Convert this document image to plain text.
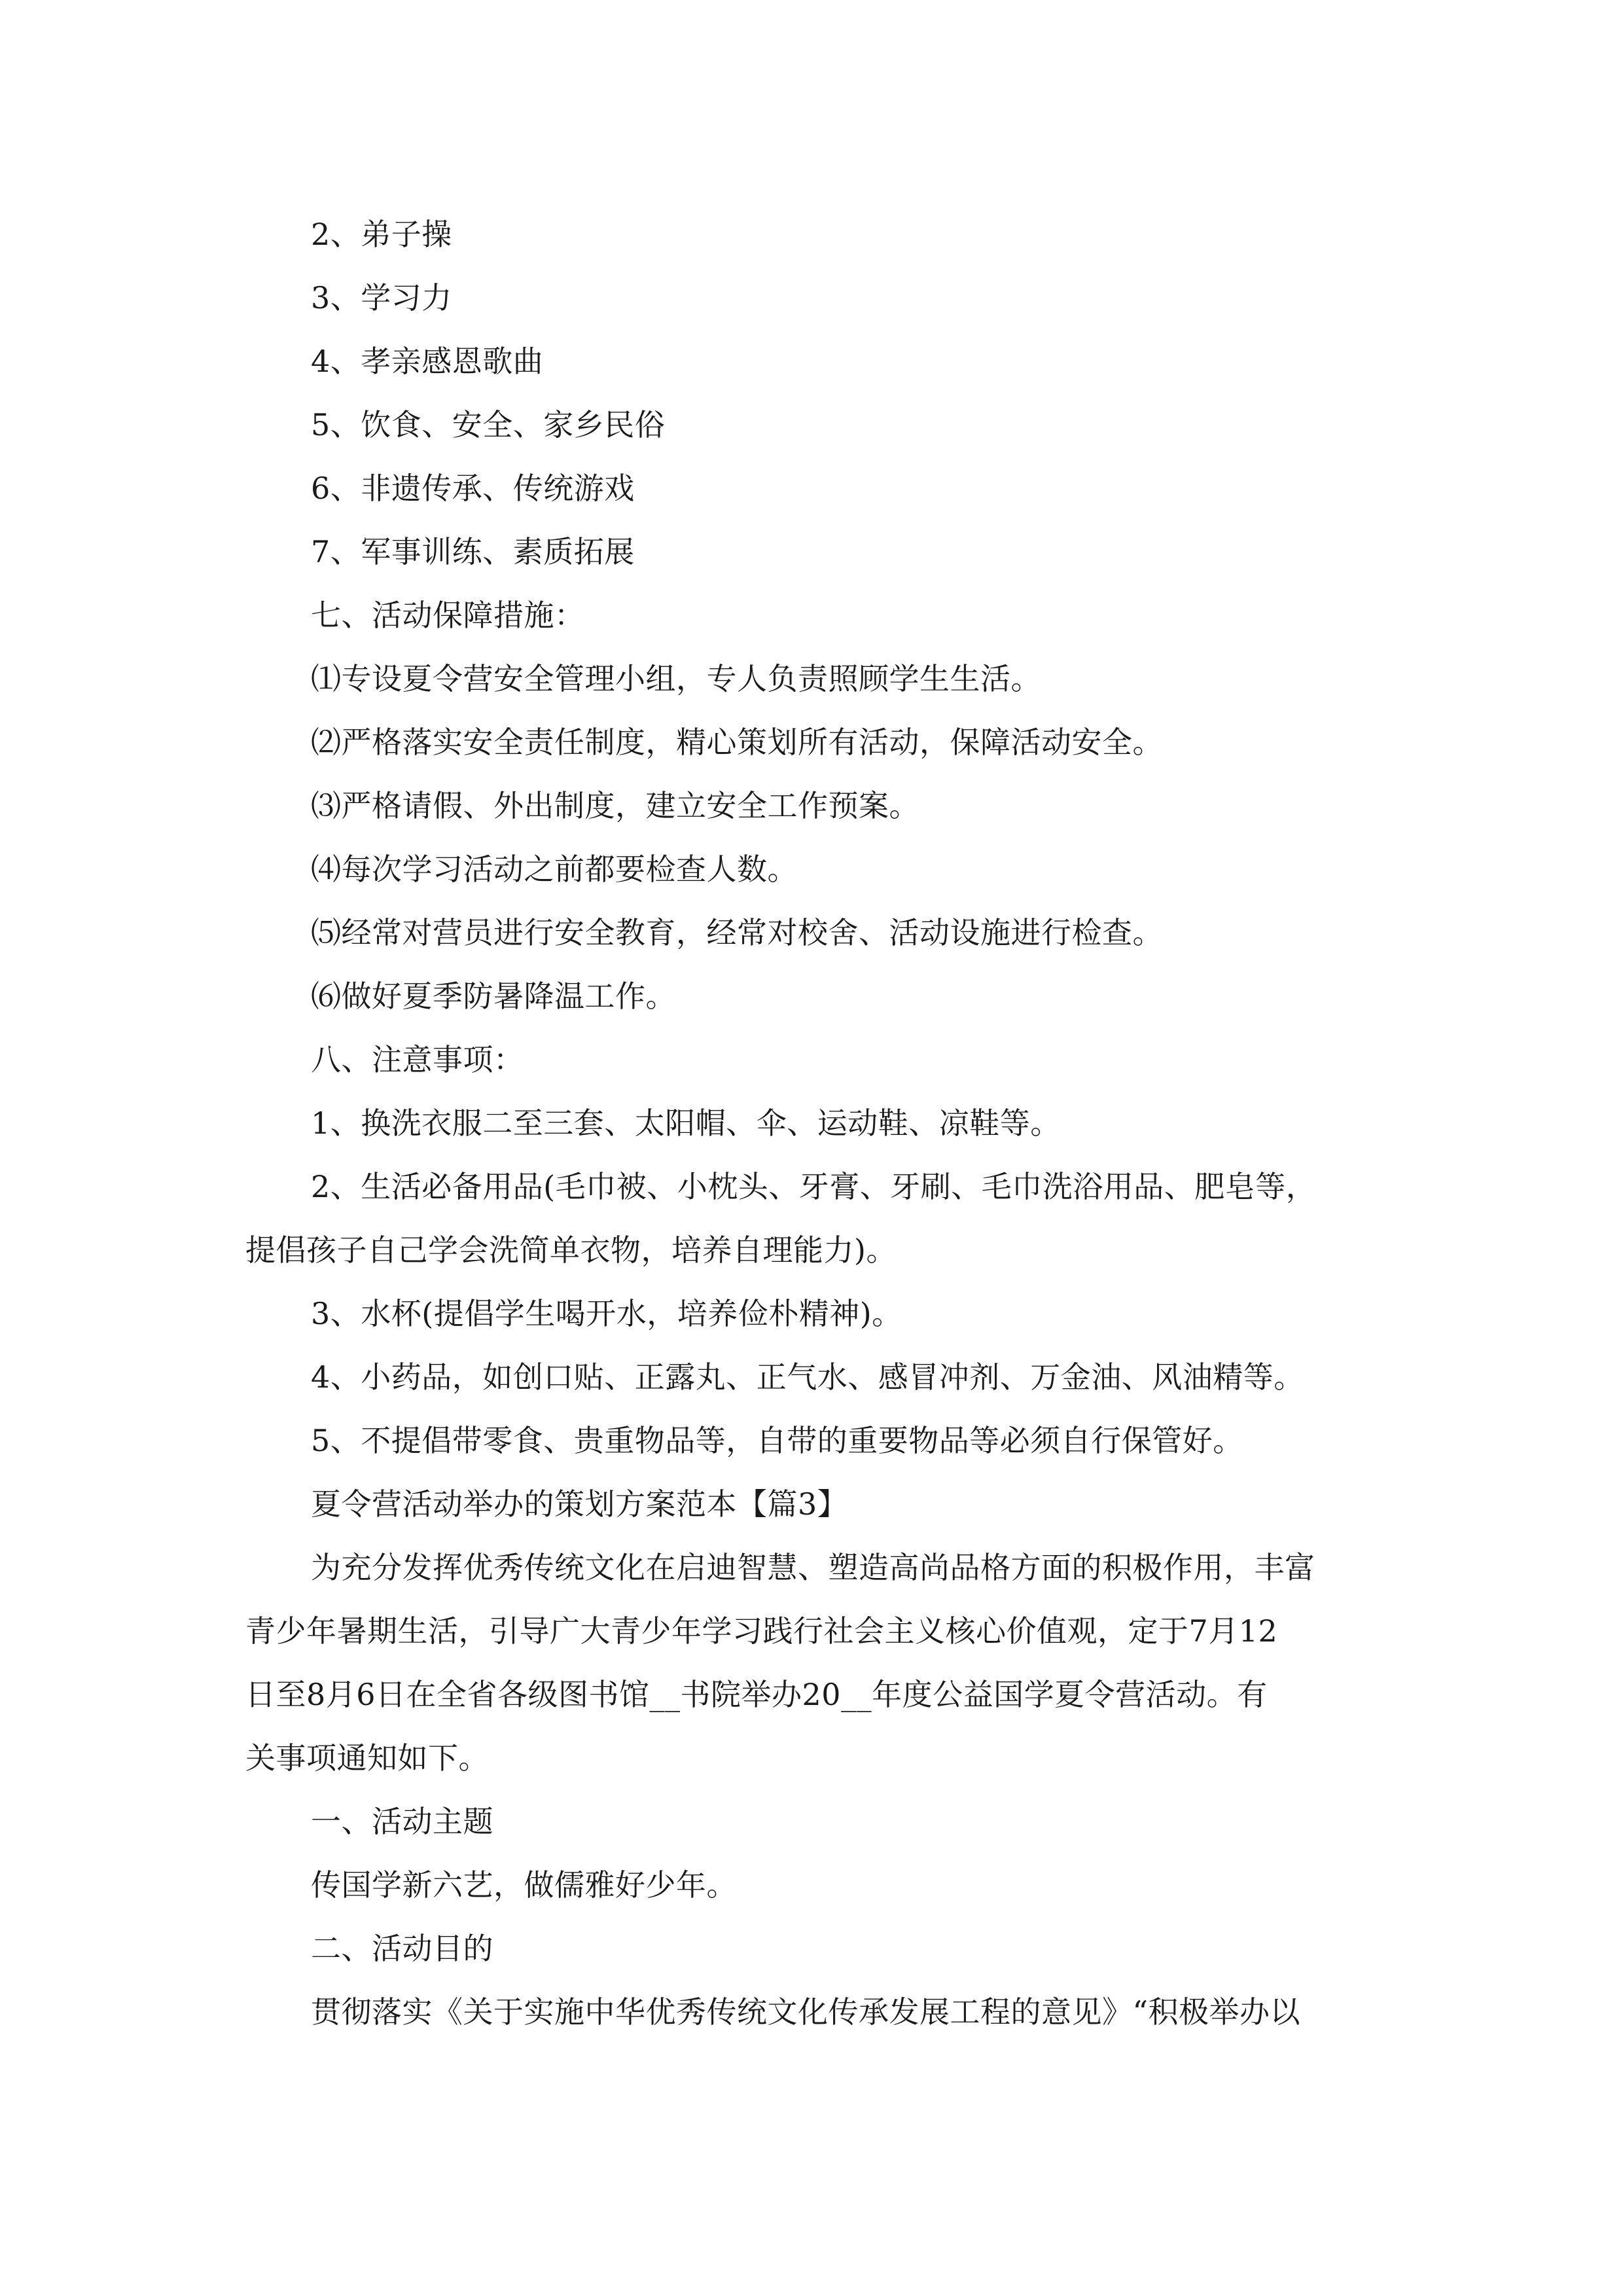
2、弟子操

3、学习力

4、孝亲感恩歌曲

5、饮食、安全、家乡民俗

6、非遗传承、传统游戏

7、军事训练、素质拓展

七、活动保障措施：

⑴专设夏令营安全管理小组，专人负责照顾学生生活。

⑵严格落实安全责任制度，精心策划所有活动，保障活动安全。

⑶严格请假、外出制度，建立安全工作预案。

⑷每次学习活动之前都要检查人数。

⑸经常对营员进行安全教育，经常对校舍、活动设施进行检查。

⑹做好夏季防暑降温工作。

八、注意事项：

1、换洗衣服二至三套、太阳帽、伞、运动鞋、凉鞋等。

2、生活必备用品(毛巾被、小枕头、牙膏、牙刷、毛巾洗浴用品、肥皂等，

提倡孩子自己学会洗简单衣物，培养自理能力)。

3、水杯(提倡学生喝开水，培养俭朴精神)。

4、小药品，如创口贴、正露丸、正气水、感冒冲剂、万金油、风油精等。

5、不提倡带零食、贵重物品等，自带的重要物品等必须自行保管好。

夏令营活动举办的策划方案范本【篇3】

为充分发挥优秀传统文化在启迪智慧、塑造高尚品格方面的积极作用，丰富

青少年暑期生活，引导广大青少年学习践行社会主义核心价值观，定于7月12

日至8月6日在全省各级图书馆__书院举办20__年度公益国学夏令营活动。有

关事项通知如下。

一、活动主题

传国学新六艺，做儒雅好少年。

二、活动目的

贯彻落实《关于实施中华优秀传统文化传承发展工程的意见》“积极举办以
